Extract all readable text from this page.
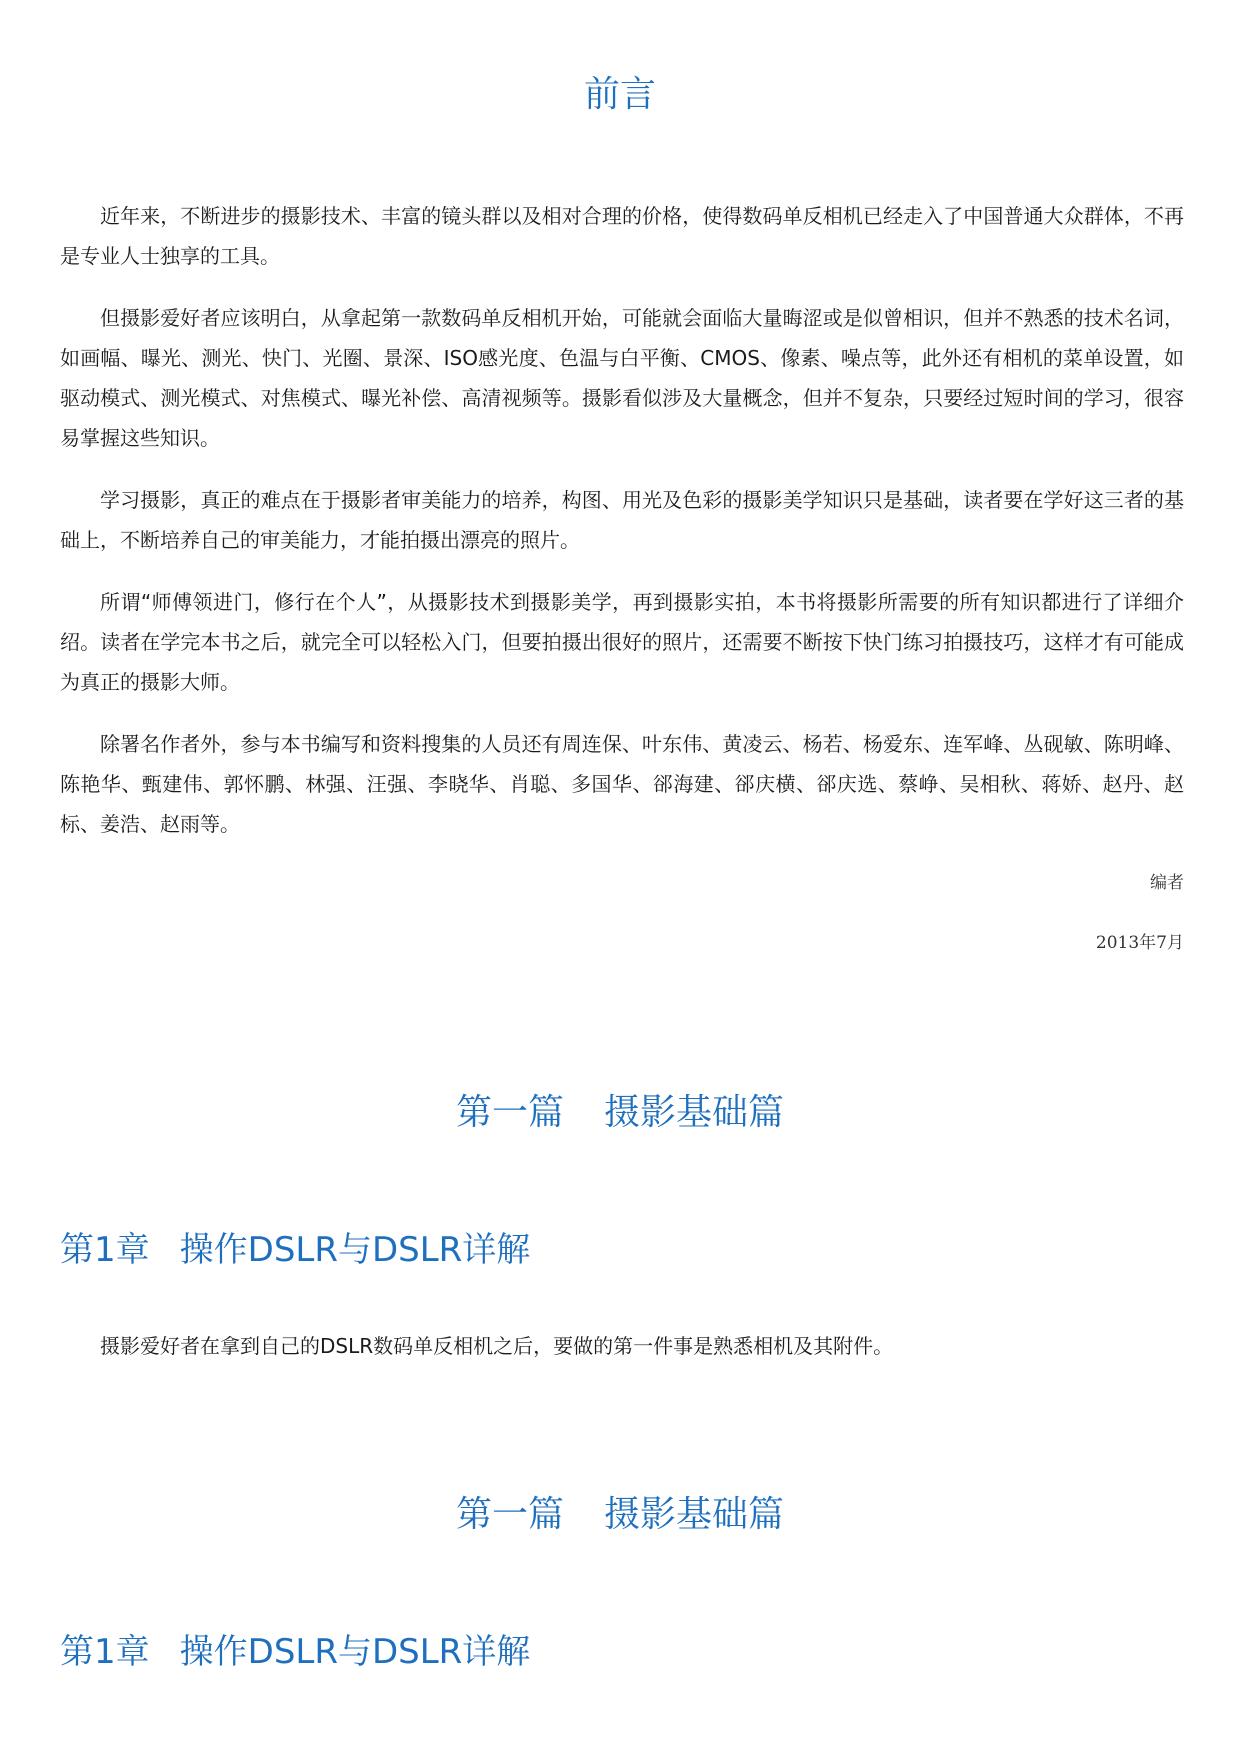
前言

近年来，不断进步的摄影技术、丰富的镜头群以及相对合理的价格，使得数码单反相机已经走入了中国普通大众群体，不再是专业人士独享的工具。

但摄影爱好者应该明白，从拿起第一款数码单反相机开始，可能就会面临大量晦涩或是似曾相识，但并不熟悉的技术名词，如画幅、曝光、测光、快门、光圈、景深、ISO感光度、色温与白平衡、CMOS、像素、噪点等，此外还有相机的菜单设置，如驱动模式、测光模式、对焦模式、曝光补偿、高清视频等。摄影看似涉及大量概念，但并不复杂，只要经过短时间的学习，很容易掌握这些知识。

学习摄影，真正的难点在于摄影者审美能力的培养，构图、用光及色彩的摄影美学知识只是基础，读者要在学好这三者的基础上，不断培养自己的审美能力，才能拍摄出漂亮的照片。

所谓“师傅领进门，修行在个人”，从摄影技术到摄影美学，再到摄影实拍，本书将摄影所需要的所有知识都进行了详细介绍。读者在学完本书之后，就完全可以轻松入门，但要拍摄出很好的照片，还需要不断按下快门练习拍摄技巧，这样才有可能成为真正的摄影大师。

除署名作者外，参与本书编写和资料搜集的人员还有周连保、叶东伟、黄凌云、杨若、杨爱东、连军峰、丛砚敏、陈明峰、陈艳华、甄建伟、郭怀鹏、林强、汪强、李晓华、肖聪、多国华、郤海建、郤庆横、郤庆选、蔡峥、吴相秋、蒋娇、赵丹、赵标、姜浩、赵雨等。

编者
2013年7月
第一篇 摄影基础篇
第1章 操作DSLR与DSLR详解

摄影爱好者在拿到自己的DSLR数码单反相机之后，要做的第一件事是熟悉相机及其附件。

第一篇 摄影基础篇
第1章 操作DSLR与DSLR详解
